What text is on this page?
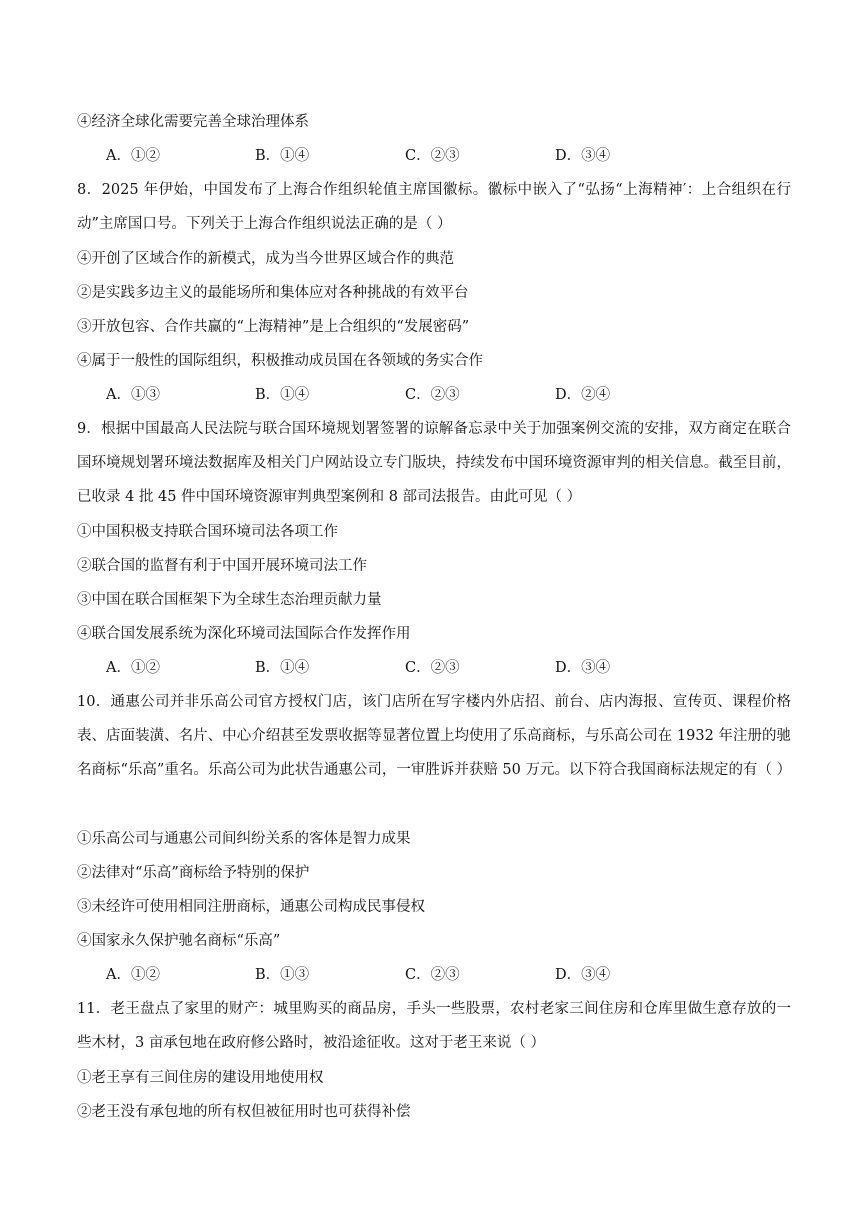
④经济全球化需要完善全球治理体系
A．①②	B．①④	C．②③	D．③④
8．2025 年伊始，中国发布了上海合作组织轮值主席国徽标。徽标中嵌入了“弘扬“上海精神′：上合组织在行动”主席国口号。下列关于上海合作组织说法正确的是（ ）
④开创了区域合作的新模式，成为当今世界区域合作的典范
②是实践多边主义的最能场所和集体应对各种挑战的有效平台
③开放包容、合作共赢的“上海精神”是上合组织的“发展密码”
④属于一般性的国际组织，积极推动成员国在各领域的务实合作
A．①③	B．①④	C．②③	D．②④
9．根据中国最高人民法院与联合国环境规划署签署的谅解备忘录中关于加强案例交流的安排，双方商定在联合国环境规划署环境法数据库及相关门户网站设立专门版块，持续发布中国环境资源审判的相关信息。截至目前，已收录 4 批 45 件中国环境资源审判典型案例和 8 部司法报告。由此可见（ ）
①中国积极支持联合国环境司法各项工作
②联合国的监督有利于中国开展环境司法工作
③中国在联合国框架下为全球生态治理贡献力量
④联合国发展系统为深化环境司法国际合作发挥作用
A．①②	B．①④	C．②③	D．③④
10．通惠公司并非乐高公司官方授权门店，该门店所在写字楼内外店招、前台、店内海报、宣传页、课程价格表、店面装潢、名片、中心介绍甚至发票收据等显著位置上均使用了乐高商标，与乐高公司在 1932 年注册的驰名商标“乐高”重名。乐高公司为此状告通惠公司，一审胜诉并获赔 50 万元。以下符合我国商标法规定的有（ ）
①乐高公司与通惠公司间纠纷关系的客体是智力成果
②法律对“乐高”商标给予特别的保护
③未经许可使用相同注册商标，通惠公司构成民事侵权
④国家永久保护驰名商标“乐高”
A．①②	B．①③	C．②③	D．③④
11．老王盘点了家里的财产：城里购买的商品房，手头一些股票，农村老家三间住房和仓库里做生意存放的一些木材，3 亩承包地在政府修公路时，被沿途征收。这对于老王来说（ ）
①老王享有三间住房的建设用地使用权
②老王没有承包地的所有权但被征用时也可获得补偿
